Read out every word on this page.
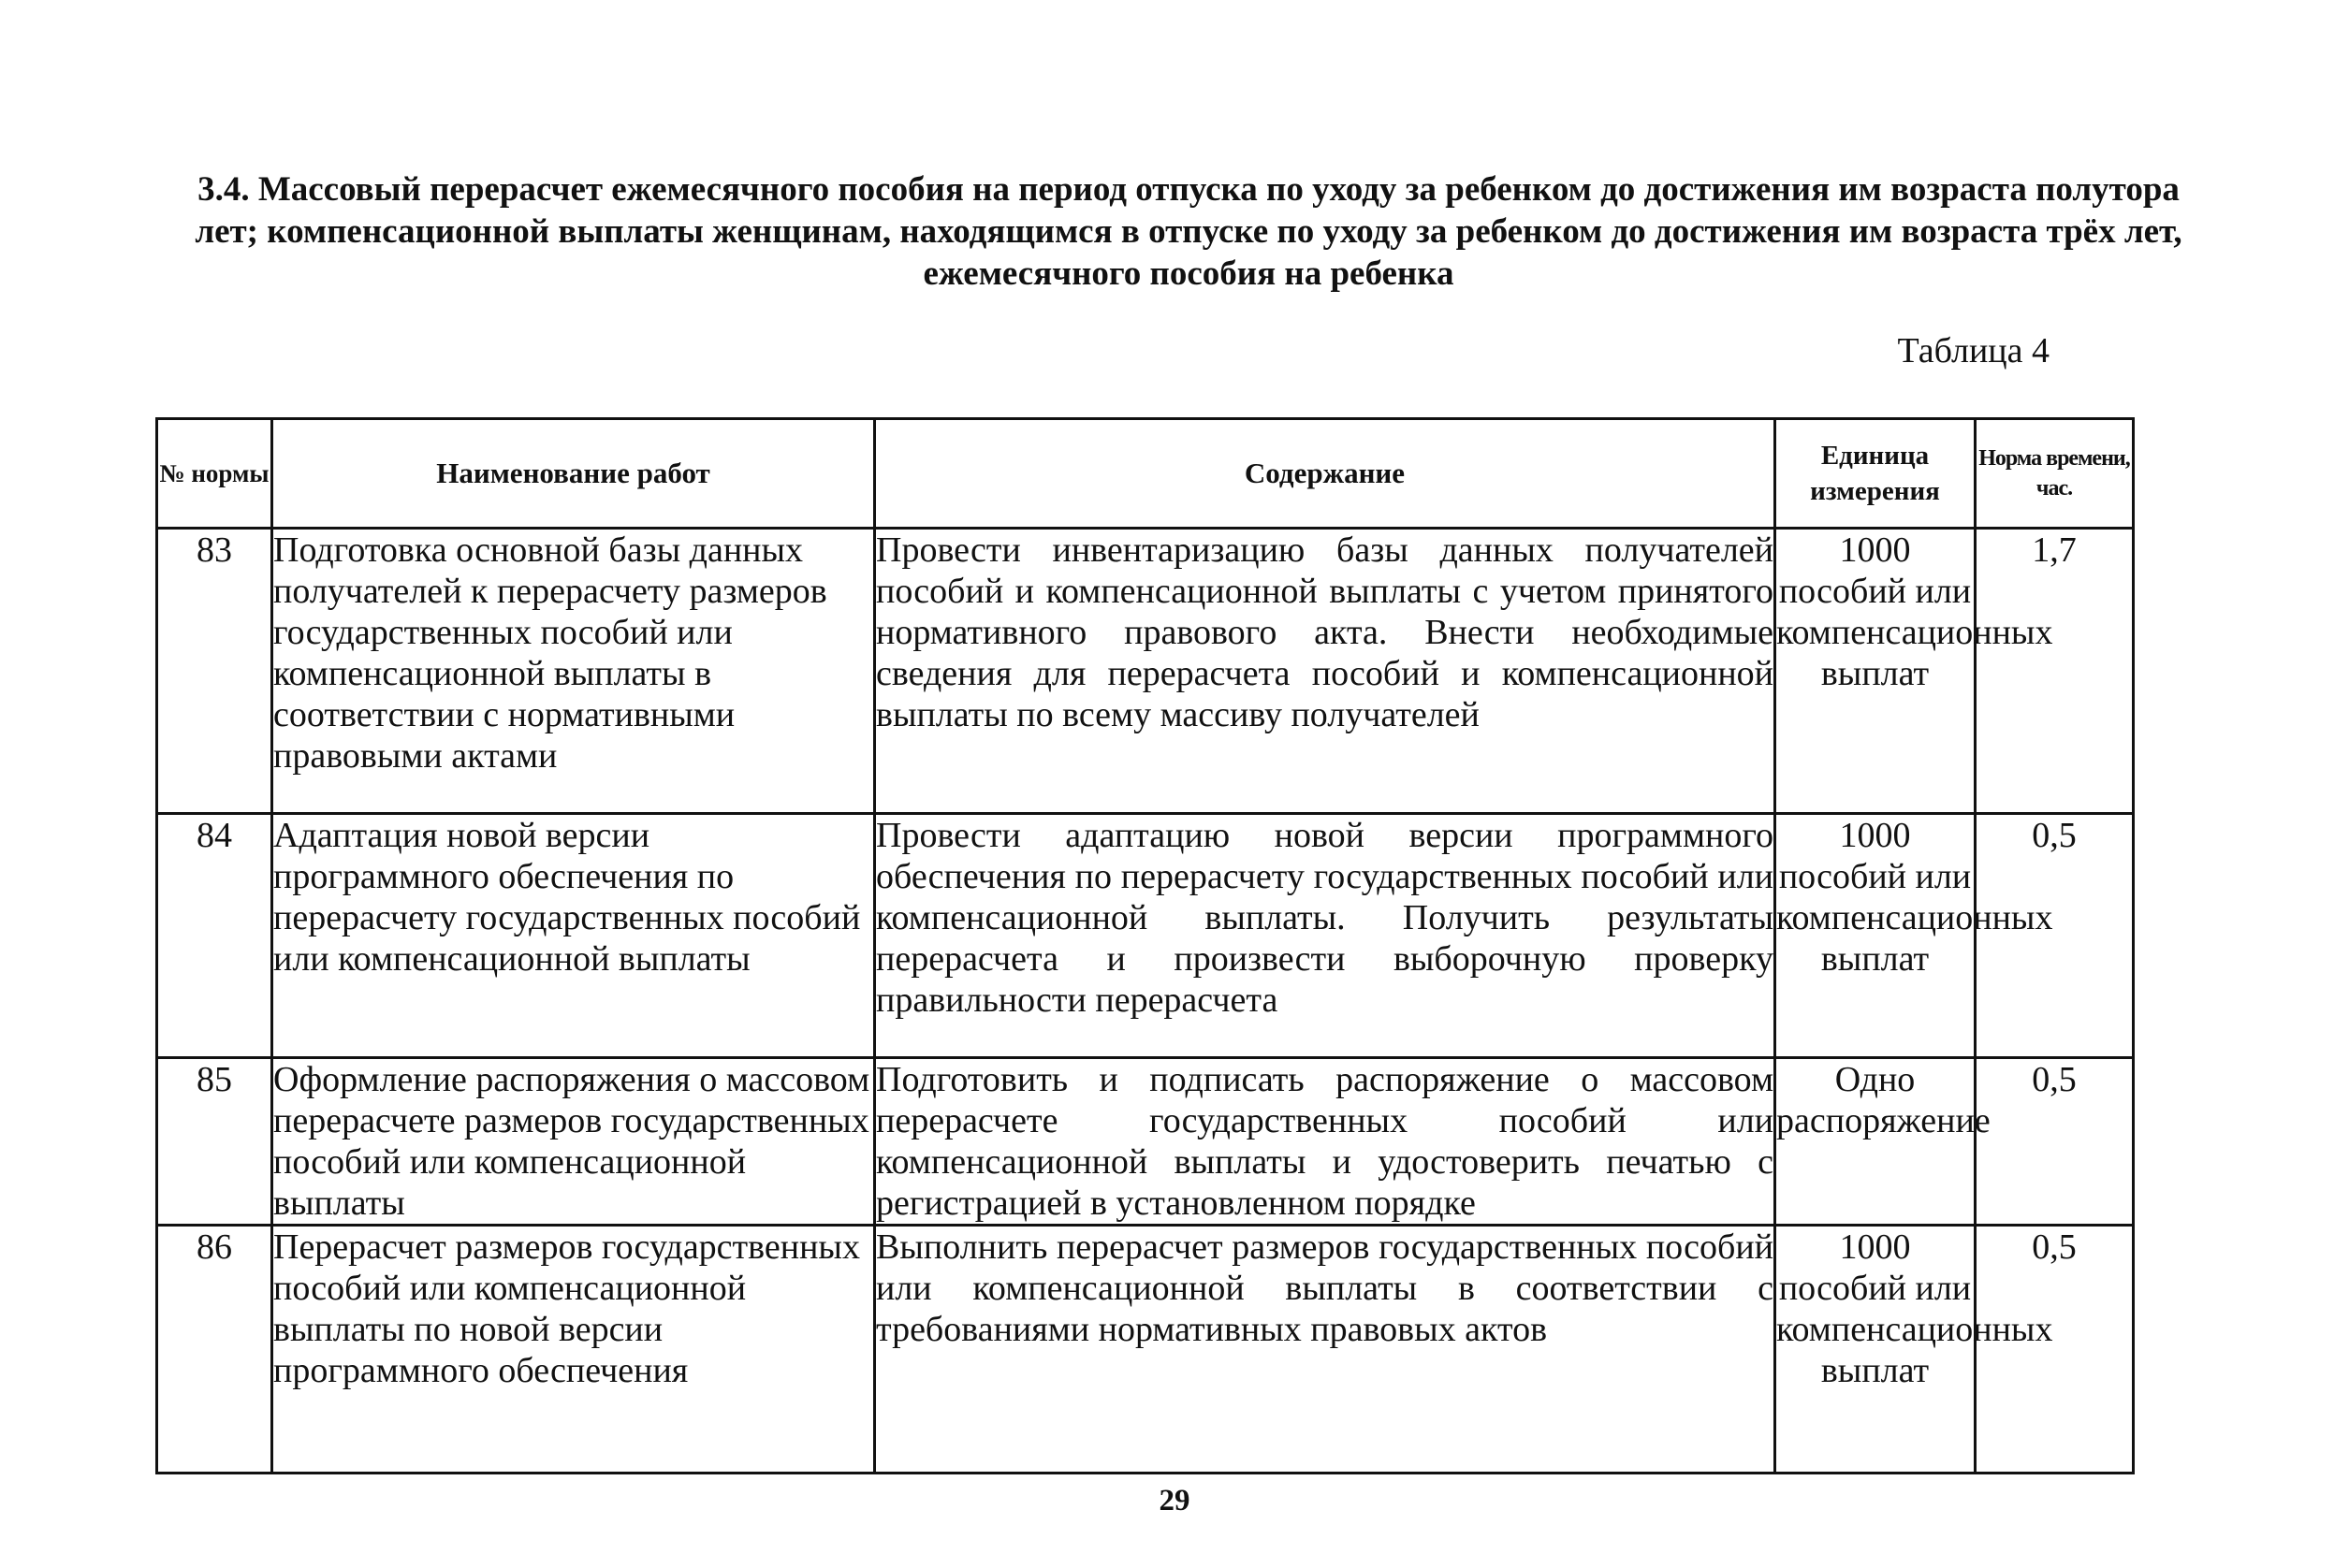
3.4. Массовый перерасчет ежемесячного пособия на период отпуска по уходу за ребенком до достижения им возраста полутора лет; компенсационной выплаты женщинам, находящимся в отпуске по уходу за ребенком до достижения им возраста трёх лет, ежемесячного пособия на ребенка
Таблица 4
№ нормы	Наименование работ	Содержание	Единица измерения	Норма времени, час.
83	Подготовка основной базы данных получателей к перерасчету размеров государственных пособий или компенсационной выплаты в соответствии с нормативными правовыми актами	Провести инвентаризацию базы данных получателей пособий и компенсационной выплаты с учетом принятого нормативного правового акта. Внести необходимые сведения для перерасчета пособий и компенсационной выплаты по всему массиву получателей	1000 пособий или компенсационных выплат	1,7
84	Адаптация новой версии программного обеспечения по перерасчету государственных пособий или компенсационной выплаты	Провести адаптацию новой версии программного обеспечения по перерасчету государственных пособий или компенсационной выплаты. Получить результаты перерасчета и произвести выборочную проверку правильности перерасчета	1000 пособий или компенсационных выплат	0,5
85	Оформление распоряжения о массовом перерасчете размеров государственных пособий или компенсационной выплаты	Подготовить и подписать распоряжение о массовом перерасчете государственных пособий или компенсационной выплаты и удостоверить печатью с регистрацией в установленном порядке	Одно распоряжение	0,5
86	Перерасчет размеров государственных пособий или компенсационной выплаты по новой версии программного обеспечения	Выполнить перерасчет размеров государственных пособий или компенсационной выплаты в соответствии с требованиями нормативных правовых актов	1000 пособий или компенсационных выплат	0,5
29
